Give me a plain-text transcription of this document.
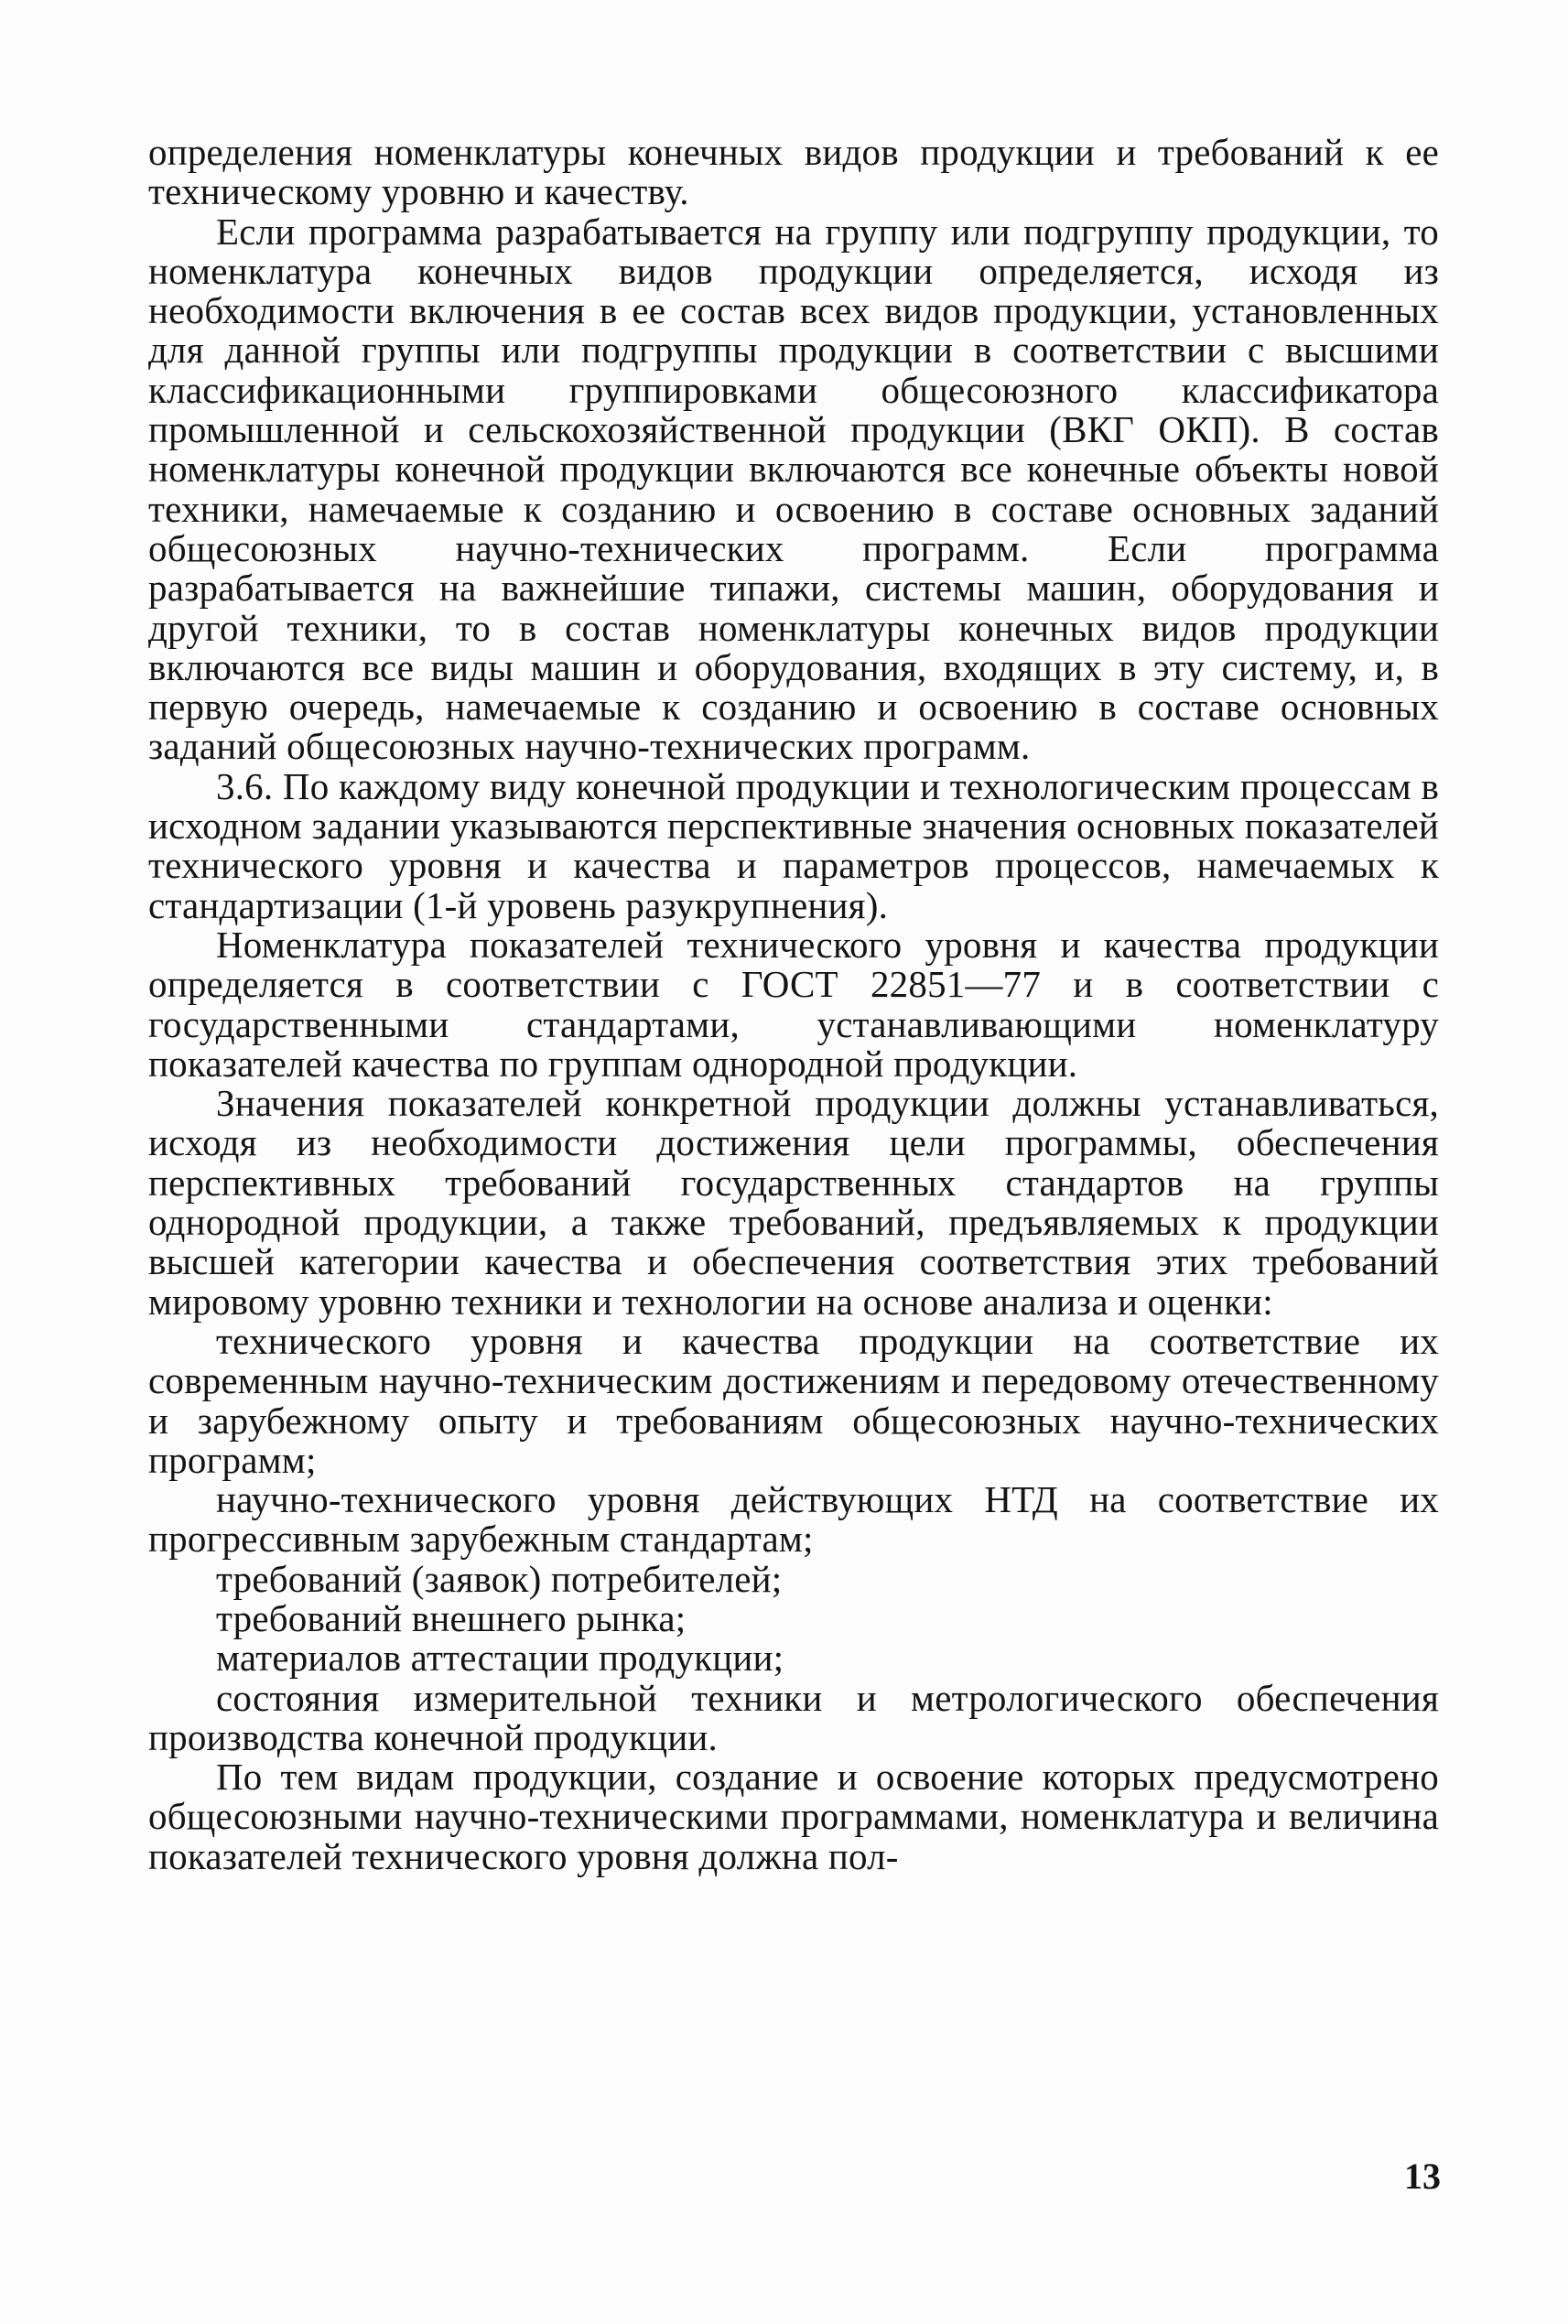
определения номенклатуры конечных видов продукции и требований к ее техническому уровню и качеству.

Если программа разрабатывается на группу или подгруппу продукции, то номенклатура конечных видов продукции определяется, исходя из необходимости включения в ее состав всех видов продукции, установленных для данной группы или подгруппы продукции в соответствии с высшими классификационными группировками общесоюзного классификатора промышленной и сельскохозяйственной продукции (ВКГ ОКП). В состав номенклатуры конечной продукции включаются все конечные объекты новой техники, намечаемые к созданию и освоению в составе основных заданий общесоюзных научно-технических программ. Если программа разрабатывается на важнейшие типажи, системы машин, оборудования и другой техники, то в состав номенклатуры конечных видов продукции включаются все виды машин и оборудования, входящих в эту систему, и, в первую очередь, намечаемые к созданию и освоению в составе основных заданий общесоюзных научно-технических программ.

3.6. По каждому виду конечной продукции и технологическим процессам в исходном задании указываются перспективные значения основных показателей технического уровня и качества и параметров процессов, намечаемых к стандартизации (1-й уровень разукрупнения).

Номенклатура показателей технического уровня и качества продукции определяется в соответствии с ГОСТ 22851—77 и в соответствии с государственными стандартами, устанавливающими номенклатуру показателей качества по группам однородной продукции.

Значения показателей конкретной продукции должны устанавливаться, исходя из необходимости достижения цели программы, обеспечения перспективных требований государственных стандартов на группы однородной продукции, а также требований, предъявляемых к продукции высшей категории качества и обеспечения соответствия этих требований мировому уровню техники и технологии на основе анализа и оценки:

технического уровня и качества продукции на соответствие их современным научно-техническим достижениям и передовому отечественному и зарубежному опыту и требованиям общесоюзных научно-технических программ;

научно-технического уровня действующих НТД на соответствие их прогрессивным зарубежным стандартам;

требований (заявок) потребителей;

требований внешнего рынка;

материалов аттестации продукции;

состояния измерительной техники и метрологического обеспечения производства конечной продукции.

По тем видам продукции, создание и освоение которых предусмотрено общесоюзными научно-техническими программами, номенклатура и величина показателей технического уровня должна пол-

13
